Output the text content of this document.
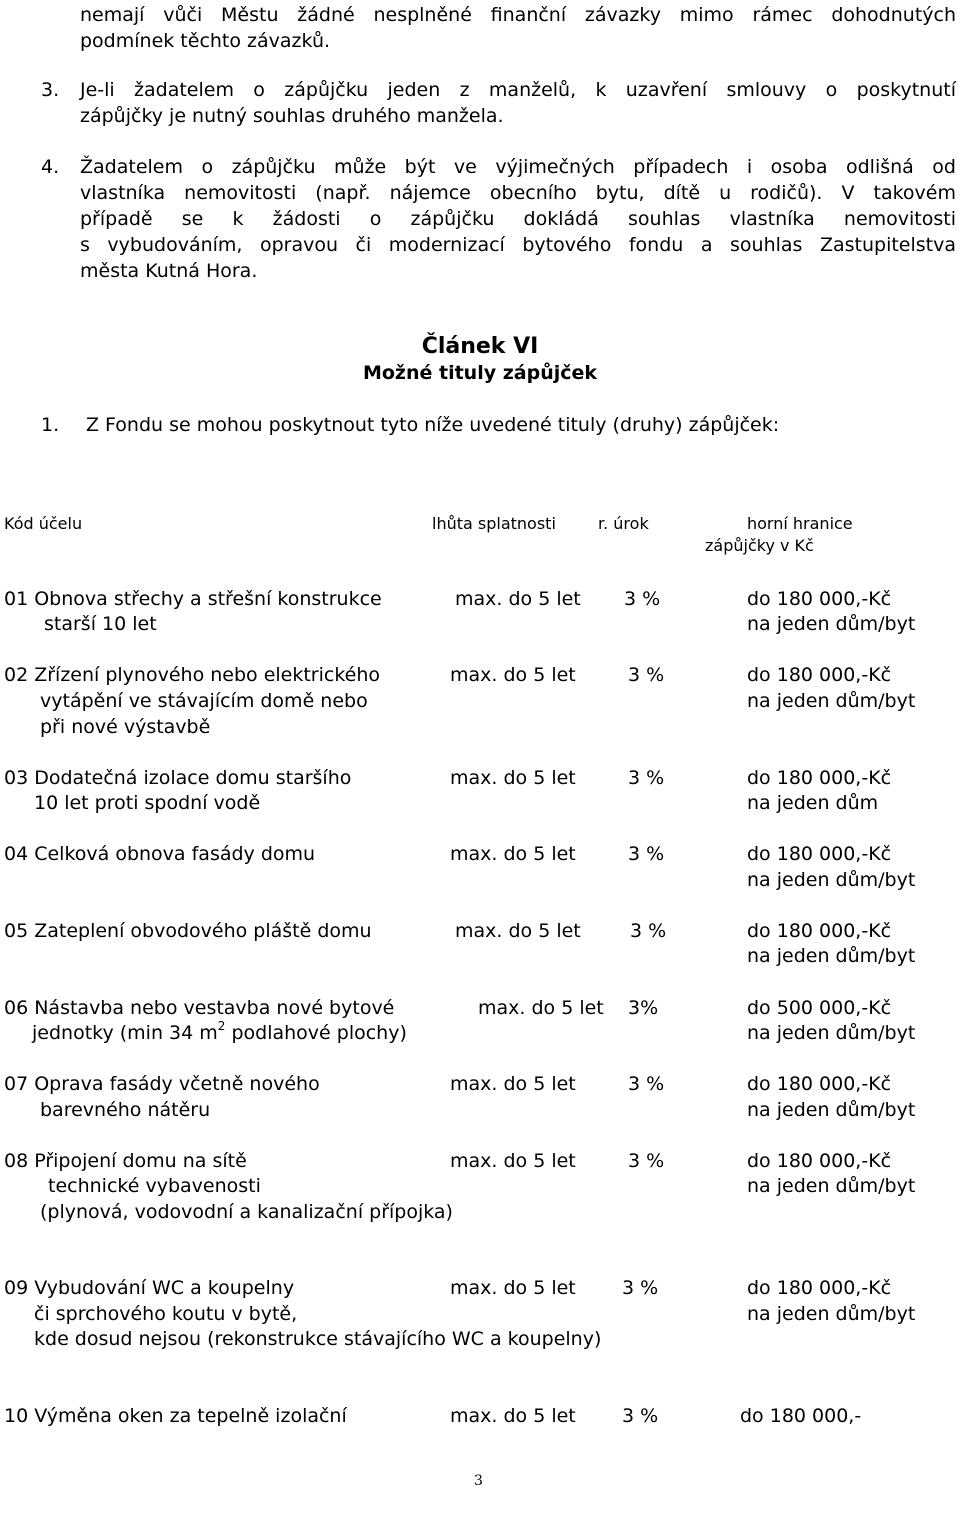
nemají vůči Městu žádné nesplněné finanční závazky mimo rámec dohodnutých
podmínek těchto závazků.
3. Je-li žadatelem o zápůjčku jeden z manželů, k uzavření smlouvy o poskytnutí
zápůjčky je nutný souhlas druhého manžela.
4. Žadatelem o zápůjčku může být ve výjimečných případech i osoba odlišná od
vlastníka nemovitosti (např. nájemce obecního bytu, dítě u rodičů). V takovém
případě se k žádosti o zápůjčku dokládá souhlas vlastníka nemovitosti
s vybudováním, opravou či modernizací bytového fondu a souhlas Zastupitelstva
města Kutná Hora.
Článek VI
Možné tituly zápůjček
1. Z Fondu se mohou poskytnout tyto níže uvedené tituly (druhy) zápůjček:
Kód účelu	lhůta splatnosti	r. úrok	horní hranice
zápůjčky v Kč
01 Obnova střechy a střešní konstrukce	max. do 5 let 3 %	do 180 000,-Kč
starší 10 let	na jeden dům/byt
02 Zřízení plynového nebo elektrického	max. do 5 let	3 %	do 180 000,-Kč
vytápění ve stávajícím domě nebo	na jeden dům/byt
při nové výstavbě
03 Dodatečná izolace domu staršího	max. do 5 let	3 %	do 180 000,-Kč
10 let proti spodní vodě	na jeden dům
04 Celková obnova fasády domu	max. do 5 let	3 %	do 180 000,-Kč
na jeden dům/byt
05 Zateplení obvodového pláště domu	max. do 5 let	3 %	do 180 000,-Kč
na jeden dům/byt
06 Nástavba nebo vestavba nové bytové	max. do 5 let 3%	do 500 000,-Kč
jednotky (min 34 $m^2$ podlahové plochy)	na jeden dům/byt
07 Oprava fasády včetně nového	max. do 5 let	3 %	do 180 000,-Kč
barevného nátěru	na jeden dům/byt
08 Připojení domu na sítě	max. do 5 let	3 %	do 180 000,-Kč
technické vybavenosti	na jeden dům/byt
(plynová, vodovodní a kanalizační přípojka)
09 Vybudování WC a koupelny	max. do 5 let 3 %	do 180 000,-Kč
či sprchového koutu v bytě,	na jeden dům/byt
kde dosud nejsou (rekonstrukce stávajícího WC a koupelny)
10 Výměna oken za tepelně izolační	max. do 5 let 3 %	do 180 000,-
3
